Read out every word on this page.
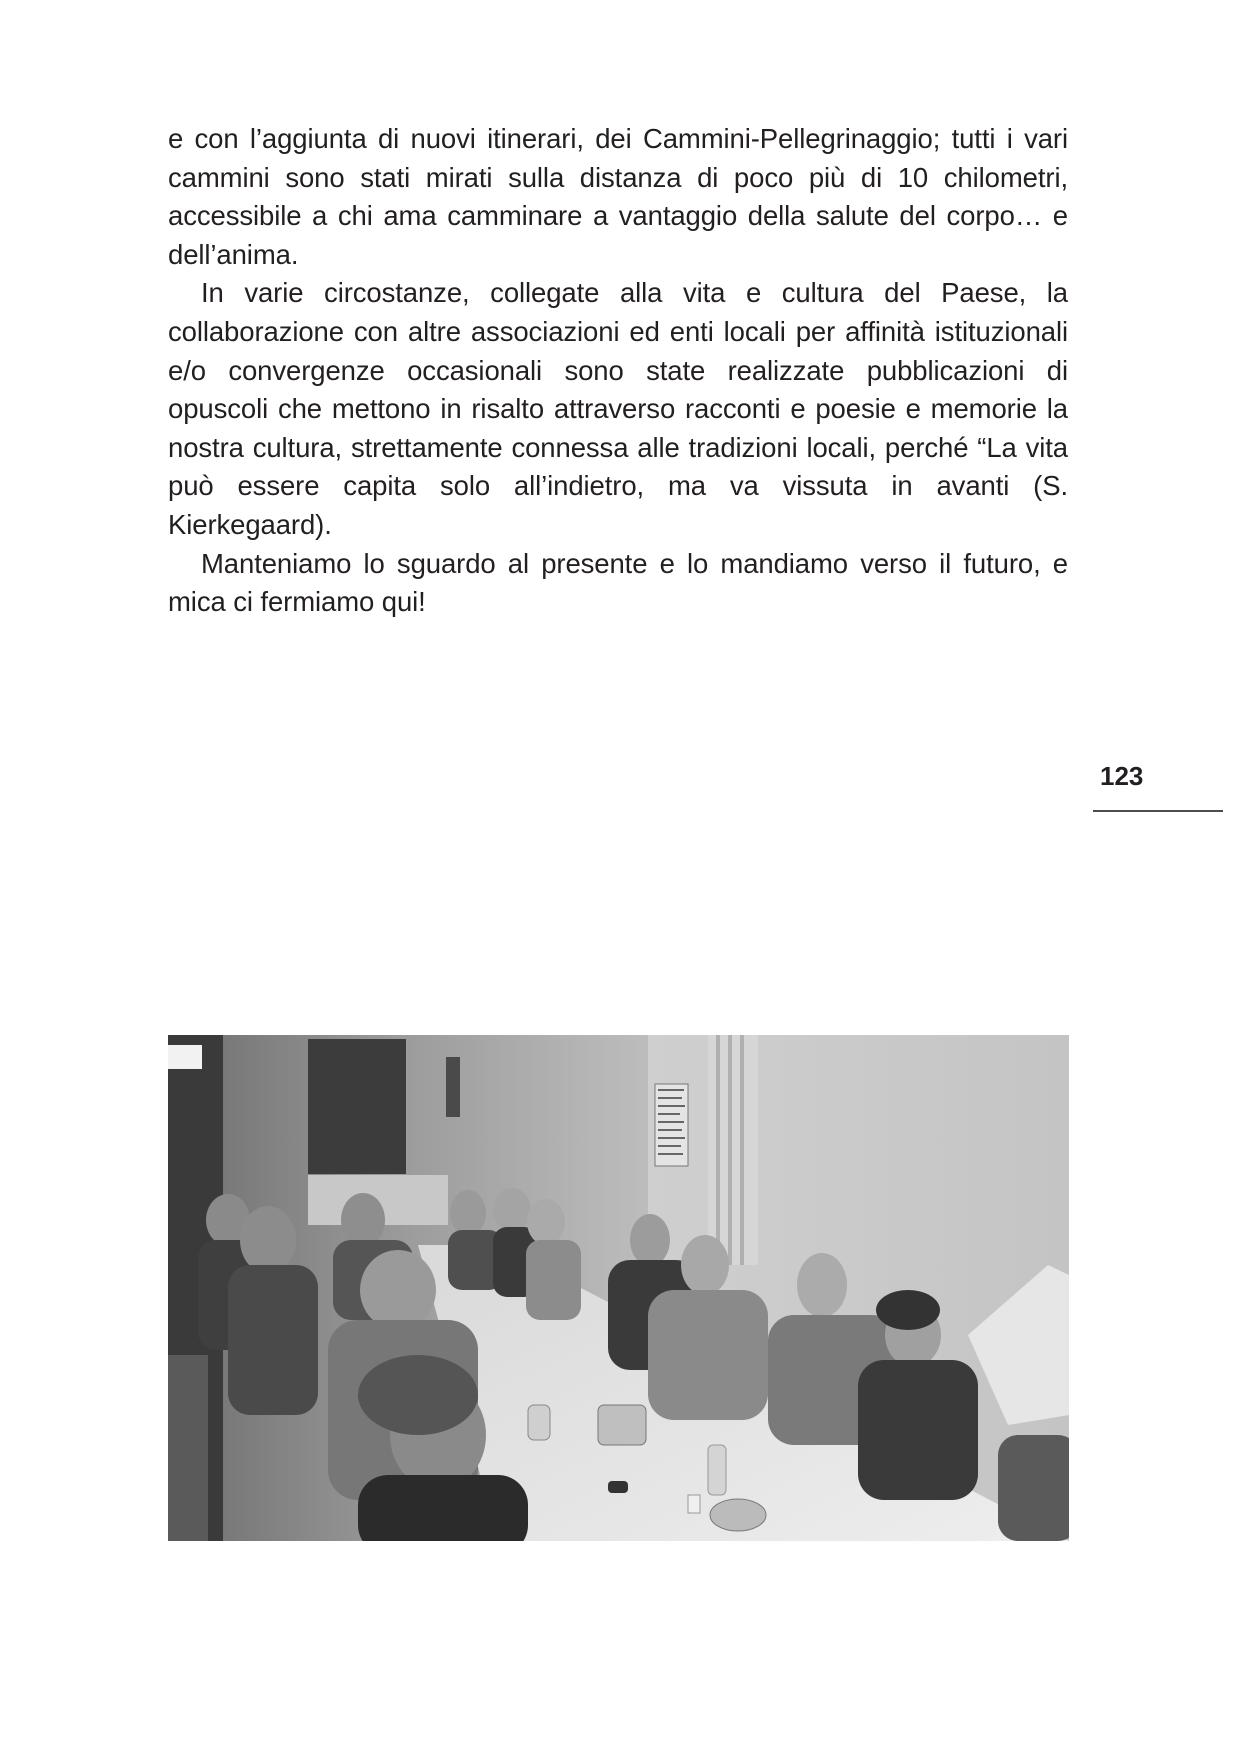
e con l’aggiunta di nuovi itinerari, dei Cammini-Pellegrinaggio; tutti i vari cammini sono stati mirati sulla distanza di poco più di 10 chilometri, accessibile a chi ama camminare a vantaggio della salute del corpo… e dell’anima.

In varie circostanze, collegate alla vita e cultura del Paese, la collaborazione con altre associazioni ed enti locali per affinità istituzionali e/o convergenze occasionali sono state realizzate pubblicazioni di opuscoli che mettono in risalto attraverso racconti e poesie e memorie la nostra cultura, strettamente connessa alle tradizioni locali, perché “La vita può essere capita solo all’indietro, ma va vissuta in avanti (S. Kierkegaard).

Manteniamo lo sguardo al presente e lo mandiamo verso il futuro, e mica ci fermiamo qui!

123
